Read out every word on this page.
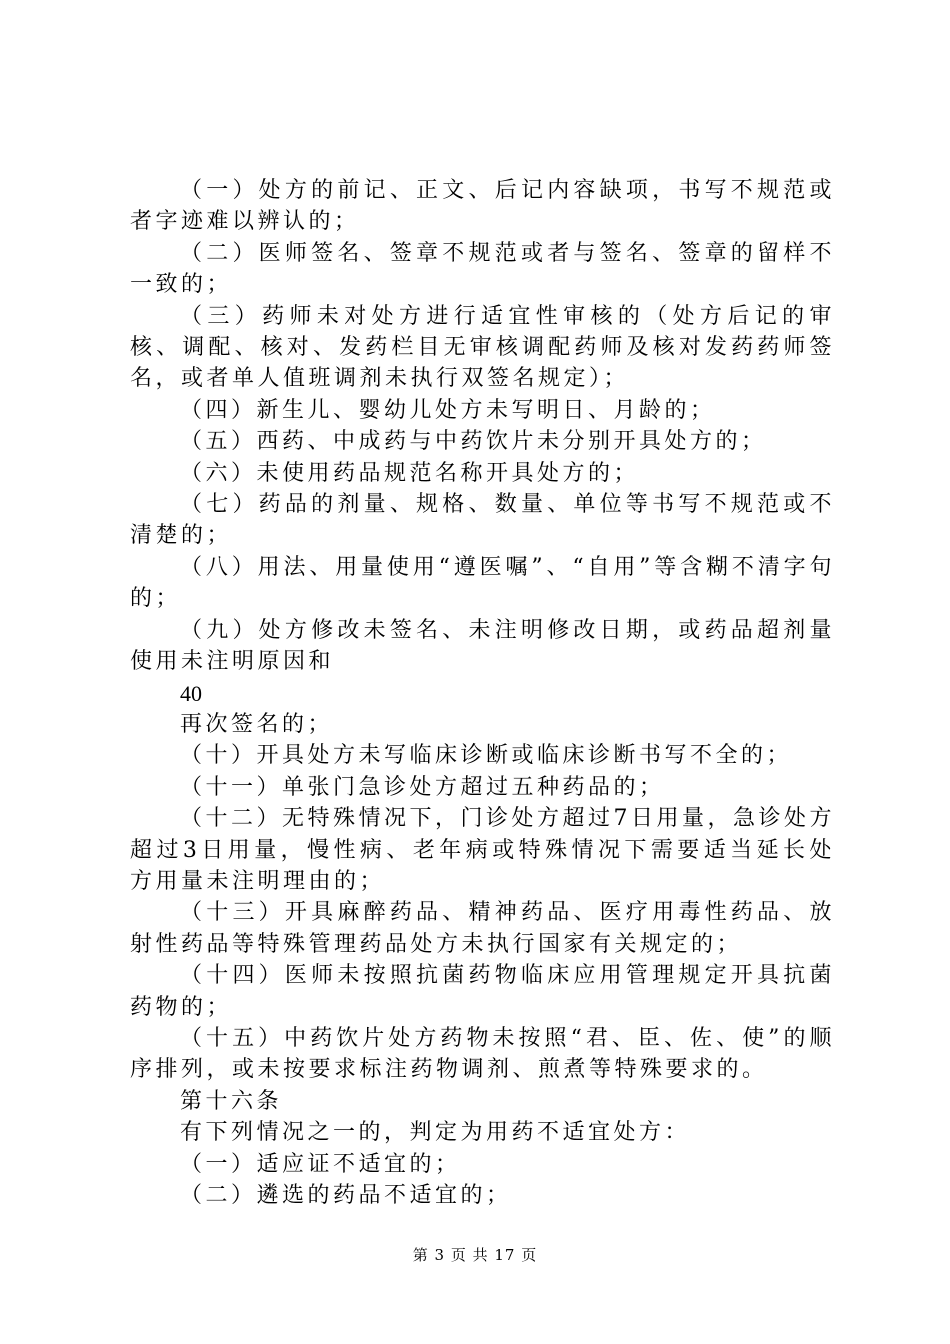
（一）处方的前记、正文、后记内容缺项，书写不规范或者字迹难以辨认的；

（二）医师签名、签章不规范或者与签名、签章的留样不一致的；

（三）药师未对处方进行适宜性审核的（处方后记的审核、调配、核对、发药栏目无审核调配药师及核对发药药师签名，或者单人值班调剂未执行双签名规定）；

（四）新生儿、婴幼儿处方未写明日、月龄的；

（五）西药、中成药与中药饮片未分别开具处方的；

（六）未使用药品规范名称开具处方的；

（七）药品的剂量、规格、数量、单位等书写不规范或不清楚的；

（八）用法、用量使用“遵医嘱”、“自用”等含糊不清字句的；

（九）处方修改未签名、未注明修改日期，或药品超剂量使用未注明原因和

40

再次签名的；

（十）开具处方未写临床诊断或临床诊断书写不全的；

（十一）单张门急诊处方超过五种药品的；

（十二）无特殊情况下，门诊处方超过7日用量，急诊处方超过3日用量，慢性病、老年病或特殊情况下需要适当延长处方用量未注明理由的；

（十三）开具麻醉药品、精神药品、医疗用毒性药品、放射性药品等特殊管理药品处方未执行国家有关规定的；

（十四）医师未按照抗菌药物临床应用管理规定开具抗菌药物的；

（十五）中药饮片处方药物未按照“君、臣、佐、使”的顺序排列，或未按要求标注药物调剂、煎煮等特殊要求的。

第十六条

有下列情况之一的，判定为用药不适宜处方：

（一）适应证不适宜的；

（二）遴选的药品不适宜的；

第 3 页 共 17 页
